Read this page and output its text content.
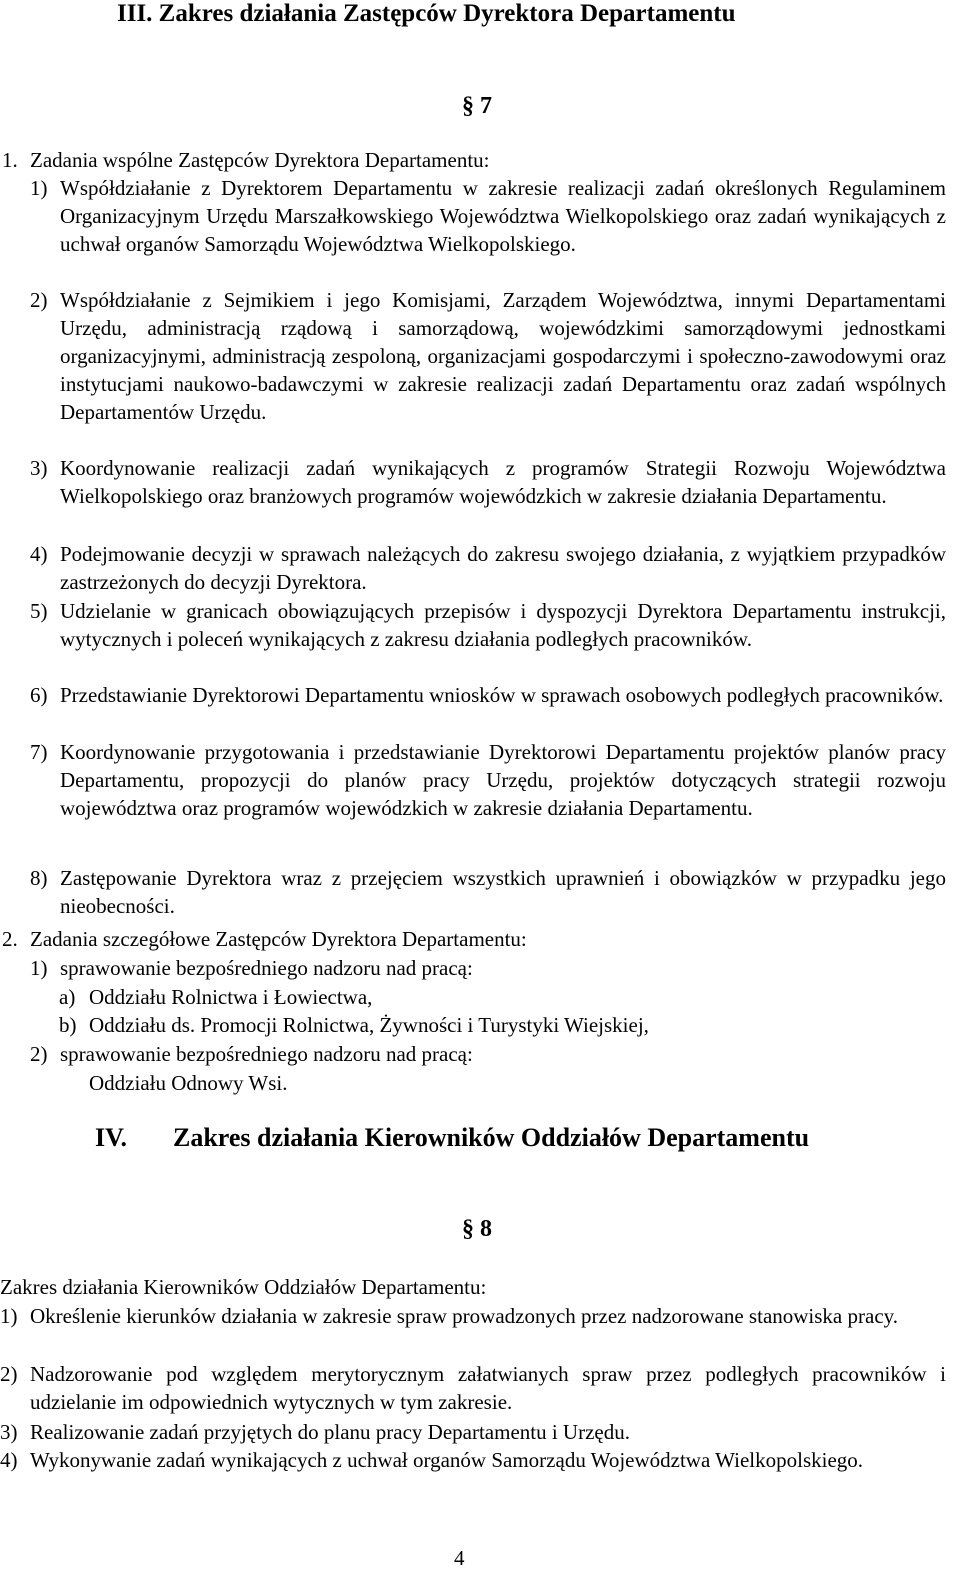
III. Zakres działania Zastępców Dyrektora Departamentu
§ 7
1. Zadania wspólne Zastępców Dyrektora Departamentu:
1) Współdziałanie z Dyrektorem Departamentu w zakresie realizacji zadań określonych Regulaminem Organizacyjnym Urzędu Marszałkowskiego Województwa Wielkopolskiego oraz zadań wynikających z uchwał organów Samorządu Województwa Wielkopolskiego.
2) Współdziałanie z Sejmikiem i jego Komisjami, Zarządem Województwa, innymi Departamentami Urzędu, administracją rządową i samorządową, wojewódzkimi samorządowymi jednostkami organizacyjnymi, administracją zespoloną, organizacjami gospodarczymi i społeczno-zawodowymi oraz instytucjami naukowo-badawczymi w zakresie realizacji zadań Departamentu oraz zadań wspólnych Departamentów Urzędu.
3) Koordynowanie realizacji zadań wynikających z programów Strategii Rozwoju Województwa Wielkopolskiego oraz branżowych programów wojewódzkich w zakresie działania Departamentu.
4) Podejmowanie decyzji w sprawach należących do zakresu swojego działania, z wyjątkiem przypadków zastrzeżonych do decyzji Dyrektora.
5) Udzielanie w granicach obowiązujących przepisów i dyspozycji Dyrektora Departamentu instrukcji, wytycznych i poleceń wynikających z zakresu działania podległych pracowników.
6) Przedstawianie Dyrektorowi Departamentu wniosków w sprawach osobowych podległych pracowników.
7) Koordynowanie przygotowania i przedstawianie Dyrektorowi Departamentu projektów planów pracy Departamentu, propozycji do planów pracy Urzędu, projektów dotyczących strategii rozwoju województwa oraz programów wojewódzkich w zakresie działania Departamentu.
8) Zastępowanie Dyrektora wraz z przejęciem wszystkich uprawnień i obowiązków w przypadku jego nieobecności.
2. Zadania szczegółowe Zastępców Dyrektora Departamentu:
1) sprawowanie bezpośredniego nadzoru nad pracą:
a) Oddziału Rolnictwa i Łowiectwa,
b) Oddziału ds. Promocji Rolnictwa, Żywności i Turystyki Wiejskiej,
2) sprawowanie bezpośredniego nadzoru nad pracą:
Oddziału Odnowy Wsi.
IV. Zakres działania Kierowników Oddziałów Departamentu
§ 8
Zakres działania Kierowników Oddziałów Departamentu:
1) Określenie kierunków działania w zakresie spraw prowadzonych przez nadzorowane stanowiska pracy.
2) Nadzorowanie pod względem merytorycznym załatwianych spraw przez podległych pracowników i udzielanie im odpowiednich wytycznych w tym zakresie.
3) Realizowanie zadań przyjętych do planu pracy Departamentu i Urzędu.
4) Wykonywanie zadań wynikających z uchwał organów Samorządu Województwa Wielkopolskiego.
4
